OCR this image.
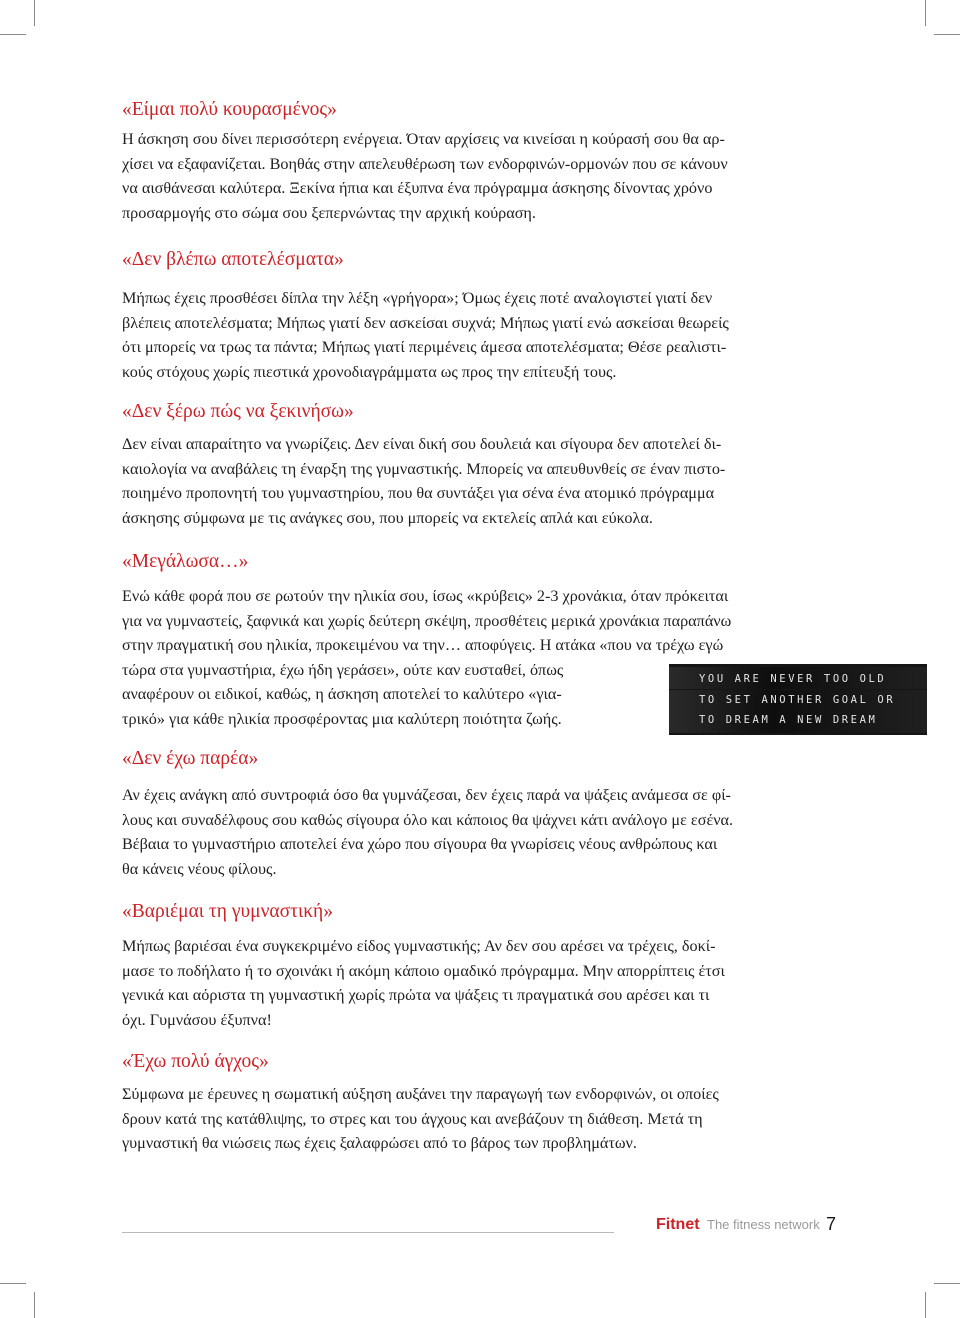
«Είμαι πολύ κουρασμένος»

Η άσκηση σου δίνει περισσότερη ενέργεια. Όταν αρχίσεις να κινείσαι η κούρασή σου θα αρ-
χίσει να εξαφανίζεται. Βοηθάς στην απελευθέρωση των ενδορφινών-ορμονών που σε κάνουν
να αισθάνεσαι καλύτερα. Ξεκίνα ήπια και έξυπνα ένα πρόγραμμα άσκησης δίνοντας χρόνο
προσαρμογής στο σώμα σου ξεπερνώντας την αρχική κούραση.

«Δεν βλέπω αποτελέσματα»

Μήπως έχεις προσθέσει δίπλα την λέξη «γρήγορα»; Όμως έχεις ποτέ αναλογιστεί γιατί δεν
βλέπεις αποτελέσματα; Μήπως γιατί δεν ασκείσαι συχνά; Μήπως γιατί ενώ ασκείσαι θεωρείς
ότι μπορείς να τρως τα πάντα; Μήπως γιατί περιμένεις άμεσα αποτελέσματα; Θέσε ρεαλιστι-
κούς στόχους χωρίς πιεστικά χρονοδιαγράμματα ως προς την επίτευξή τους.

«Δεν ξέρω πώς να ξεκινήσω»

Δεν είναι απαραίτητο να γνωρίζεις. Δεν είναι δική σου δουλειά και σίγουρα δεν αποτελεί δι-
καιολογία να αναβάλεις τη έναρξη της γυμναστικής. Μπορείς να απευθυνθείς σε έναν πιστο-
ποιημένο προπονητή του γυμναστηρίου, που θα συντάξει για σένα ένα ατομικό πρόγραμμα
άσκησης σύμφωνα με τις ανάγκες σου, που μπορείς να εκτελείς απλά και εύκολα.

«Μεγάλωσα…»

Ενώ κάθε φορά που σε ρωτούν την ηλικία σου, ίσως «κρύβεις» 2-3 χρονάκια, όταν πρόκειται
για να γυμναστείς, ξαφνικά και χωρίς δεύτερη σκέψη, προσθέτεις μερικά χρονάκια παραπάνω
στην πραγματική σου ηλικία, προκειμένου να την… αποφύγεις. Η ατάκα «που να τρέχω εγώ

τώρα στα γυμναστήρια, έχω ήδη γεράσει», ούτε καν ευσταθεί, όπως
αναφέρουν οι ειδικοί, καθώς, η άσκηση αποτελεί το καλύτερο «για-
τρικό» για κάθε ηλικία προσφέροντας μια καλύτερη ποιότητα ζωής.

YOU ARE NEVER TOO OLD
TO SET ANOTHER GOAL OR
TO DREAM A NEW DREAM
«Δεν έχω παρέα»

Αν έχεις ανάγκη από συντροφιά όσο θα γυμνάζεσαι, δεν έχεις παρά να ψάξεις ανάμεσα σε φί-
λους και συναδέλφους σου καθώς σίγουρα όλο και κάποιος θα ψάχνει κάτι ανάλογο με εσένα.
Βέβαια το γυμναστήριο αποτελεί ένα χώρο που σίγουρα θα γνωρίσεις νέους ανθρώπους και
θα κάνεις νέους φίλους.

«Βαριέμαι τη γυμναστική»

Μήπως βαριέσαι ένα συγκεκριμένο είδος γυμναστικής; Αν δεν σου αρέσει να τρέχεις, δοκί-
μασε το ποδήλατο ή το σχοινάκι ή ακόμη κάποιο ομαδικό πρόγραμμα. Μην απορρίπτεις έτσι
γενικά και αόριστα τη γυμναστική χωρίς πρώτα να ψάξεις τι πραγματικά σου αρέσει και τι
όχι. Γυμνάσου έξυπνα!

«Έχω πολύ άγχος»

Σύμφωνα με έρευνες η σωματική αύξηση αυξάνει την παραγωγή των ενδορφινών, οι οποίες
δρουν κατά της κατάθλιψης, το στρες και του άγχους και ανεβάζουν τη διάθεση. Μετά τη
γυμναστική θα νιώσεις πως έχεις ξαλαφρώσει από το βάρος των προβλημάτων.

Fitnet The fitness network 7
